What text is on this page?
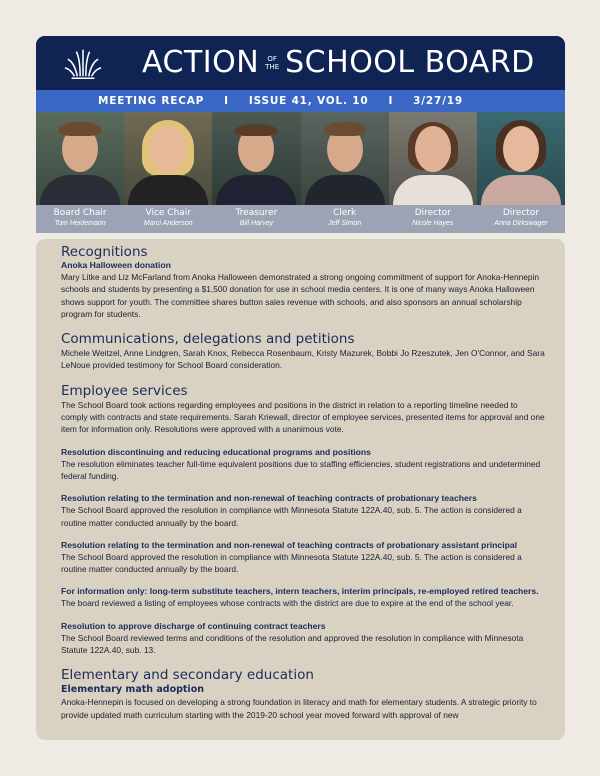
ACTION	OF
THE SCHOOL BOARD
MEETING RECAP I ISSUE 41, VOL. 10 I 3/27/19
Board Chair
Tom Heidemann
Vice Chair
Marci Anderson
Treasurer
Bill Harvey
Clerk
Jeff Simon
Director
Nicole Hayes
Director
Anna Dirkswager
Recognitions
Anoka Halloween donation

Mary Litke and Liz McFarland from Anoka Halloween demonstrated a strong ongoing commitment of support for Anoka-Hennepin schools and students by presenting a $1,500 donation for use in school media centers. It is one of many ways Anoka Halloween shows support for youth. The committee shares button sales revenue with schools, and also sponsors an annual scholarship program for students.

Communications, delegations and petitions

Michele Weitzel, Anne Lindgren, Sarah Knox, Rebecca Rosenbaum, Kristy Mazurek, Bobbi Jo Rzeszutek, Jen O'Connor, and Sara LeNoue provided testimony for School Board consideration.

Employee services

The School Board took actions regarding employees and positions in the district in relation to a reporting timeline needed to comply with contracts and state requirements. Sarah Kriewall, director of employee services, presented items for approval and one item for information only. Resolutions were approved with a unanimous vote.

Resolution discontinuing and reducing educational programs and positions

The resolution eliminates teacher full-time equivalent positions due to staffing efficiencies, student registrations and undetermined federal funding.

Resolution relating to the termination and non-renewal of teaching contracts of probationary teachers

The School Board approved the resolution in compliance with Minnesota Statute 122A.40, sub. 5. The action is considered a routine matter conducted annually by the board.

Resolution relating to the termination and non-renewal of teaching contracts of probationary assistant principal

The School Board approved the resolution in compliance with Minnesota Statute 122A.40, sub. 5. The action is considered a routine matter conducted annually by the board.

For information only: long-term substitute teachers, intern teachers, interim principals, re-employed retired teachers.

The board reviewed a listing of employees whose contracts with the district are due to expire at the end of the school year.

Resolution to approve discharge of continuing contract teachers

The School Board reviewed terms and conditions of the resolution and approved the resolution in compliance with Minnesota Statute 122A.40, sub. 13.

Elementary and secondary education
Elementary math adoption

Anoka-Hennepin is focused on developing a strong foundation in literacy and math for elementary students. A strategic priority to provide updated math curriculum starting with the 2019-20 school year moved forward with approval of new
